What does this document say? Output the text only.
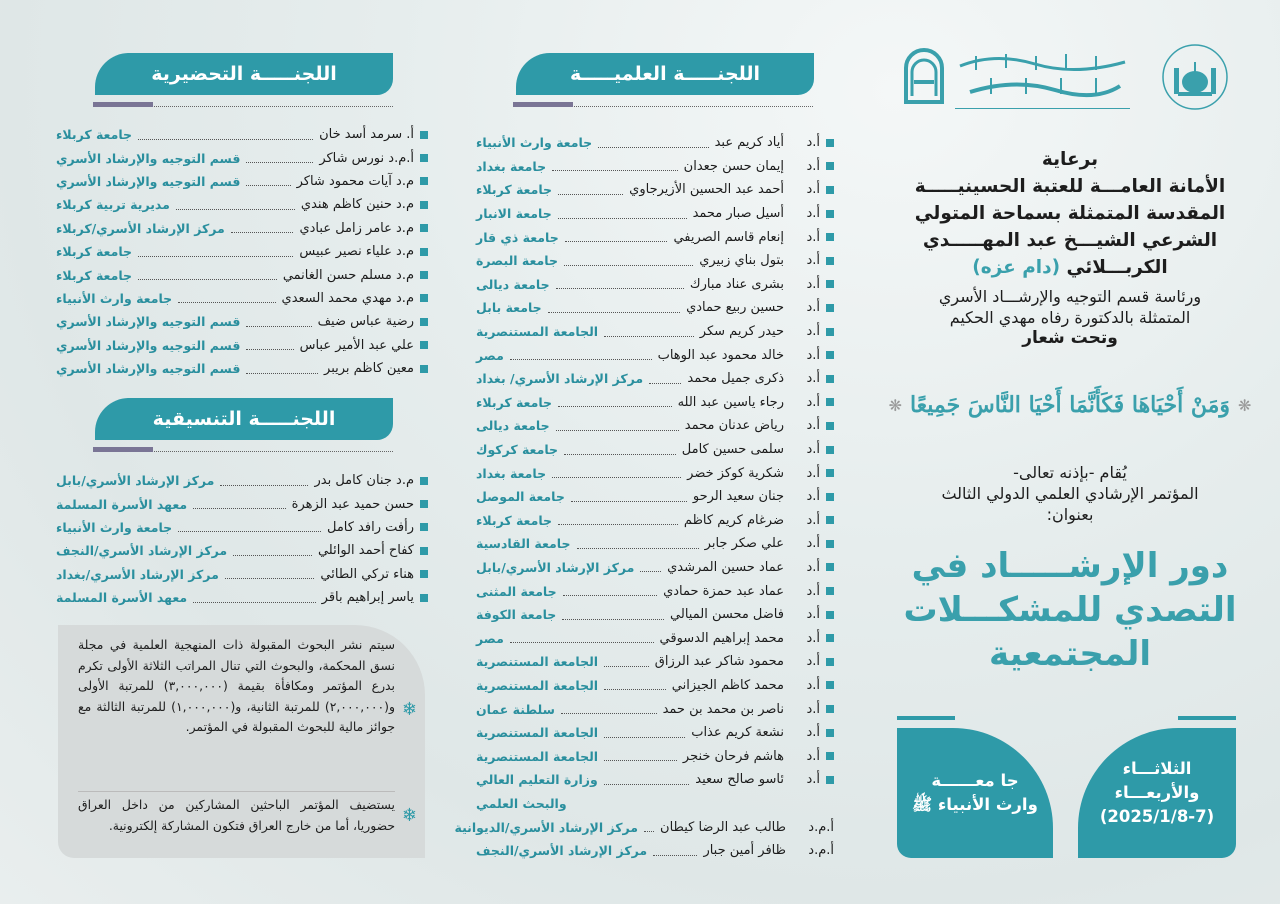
برعاية
الأمانة العامـــة للعتبة الحسينيـــــة
المقدسة المتمثلة بسماحة المتولي
الشرعي الشيـــخ عبد المهـــــدي
الكربـــلائي (دام عزه)
ورئاسة قسم التوجيه والإرشـــاد الأسري
المتمثلة بالدكتورة رفاه مهدي الحكيم
وتحت شعار
❋
وَمَنْ أَحْيَاهَا فَكَأَنَّمَا أَحْيَا النَّاسَ جَمِيعًا
❋
يُقام -بإذنه تعالى-
المؤتمر الإرشادي العلمي الدولي الثالث
بعنوان:
دور الإرشـــــاد في
التصدي للمشكـــلات
المجتمعية
الثلاثـــاء
والأربعـــاء
(2025/1/8-7)
جا معــــــة
وارث الأنبياء ﷺ
اللجنـــــة العلميـــــة
أ.د
أياد كريم عبد
جامعة وارث الأنبياء
أ.د
إيمان حسن جعدان
جامعة بغداد
أ.د
أحمد عبد الحسين الأزيرجاوي
جامعة كربلاء
أ.د
أسيل صبار محمد
جامعة الانبار
أ.د
إنعام قاسم الصريفي
جامعة ذي قار
أ.د
بتول بناي زبيري
جامعة البصرة
أ.د
بشرى عناد مبارك
جامعة ديالى
أ.د
حسين ربيع حمادي
جامعة بابل
أ.د
حيدر كريم سكر
الجامعة المستنصرية
أ.د
خالد محمود عبد الوهاب
مصر
أ.د
ذكرى جميل محمد
مركز الإرشاد الأسري/ بغداد
أ.د
رجاء ياسين عبد الله
جامعة كربلاء
أ.د
رياض عدنان محمد
جامعة ديالى
أ.د
سلمى حسين كامل
جامعة كركوك
أ.د
شكرية كوكز خضر
جامعة بغداد
أ.د
جنان سعيد الرحو
جامعة الموصل
أ.د
ضرغام كريم كاظم
جامعة كربلاء
أ.د
علي صكر جابر
جامعة القادسية
أ.د
عماد حسين المرشدي
مركز الإرشاد الأسري/بابل
أ.د
عماد عبد حمزة حمادي
جامعة المثنى
أ.د
فاضل محسن الميالي
جامعة الكوفة
أ.د
محمد إبراهيم الدسوقي
مصر
أ.د
محمود شاكر عبد الرزاق
الجامعة المستنصرية
أ.د
محمد كاظم الجيزاني
الجامعة المستنصرية
أ.د
ناصر بن محمد بن حمد
سلطنة عمان
أ.د
نشعة كريم عذاب
الجامعة المستنصرية
أ.د
هاشم فرحان خنجر
الجامعة المستنصرية
أ.د
ئاسو صالح سعيد
وزارة التعليم العالي
والبحث العلمي
أ.م.د
طالب عبد الرضا كيطان
مركز الإرشاد الأسري/الديوانية
أ.م.د
ظافر أمين جبار
مركز الإرشاد الأسري/النجف
اللجنـــــة التحضيرية
أ. سرمد أسد خان
جامعة كربلاء
أ.م.د نورس شاكر
قسم التوجيه والإرشاد الأسري
م.د آيات محمود شاكر
قسم التوجيه والإرشاد الأسري
م.د حنين كاظم هندي
مديرية تربية كربلاء
م.د عامر زامل عبادي
مركز الإرشاد الأسري/كربلاء
م.د علياء نصير عبيس
جامعة كربلاء
م.د مسلم حسن الغانمي
جامعة كربلاء
م.د مهدي محمد السعدي
جامعة وارث الأنبياء
رضية عباس ضيف
قسم التوجيه والإرشاد الأسري
علي عبد الأمير عباس
قسم التوجيه والإرشاد الأسري
معين كاظم بريبر
قسم التوجيه والإرشاد الأسري
اللجنـــــة التنسيقية
م.د جنان كامل بدر
مركز الإرشاد الأسري/بابل
حسن حميد عبد الزهرة
معهد الأسرة المسلمة
رأفت رافد كامل
جامعة وارث الأنبياء
كفاح أحمد الوائلي
مركز الإرشاد الأسري/النجف
هناء تركي الطائي
مركز الإرشاد الأسري/بغداد
ياسر إبراهيم باقر
معهد الأسرة المسلمة
❄

سيتم نشر البحوث المقبولة ذات المنهجية العلمية في مجلة نسق المحكمة، والبحوث التي تنال المراتب الثلاثة الأولى تكرم بدرع المؤتمر ومكافأة بقيمة (٣,٠٠٠,٠٠٠) للمرتبة الأولى و(٢,٠٠٠,٠٠٠) للمرتبة الثانية، و(١,٠٠٠,٠٠٠) للمرتبة الثالثة مع جوائز مالية للبحوث المقبولة في المؤتمر.

❄

يستضيف المؤتمر الباحثين المشاركين من داخل العراق حضوريا، أما من خارج العراق فتكون المشاركة إلكترونية.
